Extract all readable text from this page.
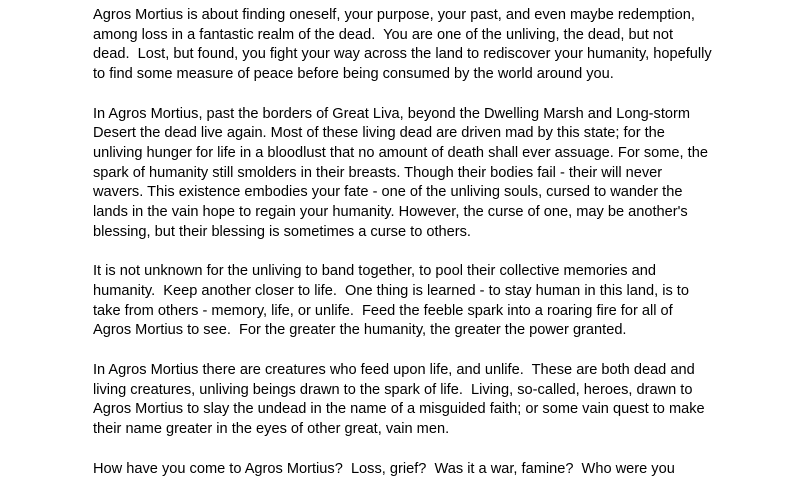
Agros Mortius is about finding oneself, your purpose, your past, and even maybe redemption, among loss in a fantastic realm of the dead.  You are one of the unliving, the dead, but not dead.  Lost, but found, you fight your way across the land to rediscover your humanity, hopefully to find some measure of peace before being consumed by the world around you.

In Agros Mortius, past the borders of Great Liva, beyond the Dwelling Marsh and Long-storm Desert the dead live again. Most of these living dead are driven mad by this state; for the unliving hunger for life in a bloodlust that no amount of death shall ever assuage. For some, the spark of humanity still smolders in their breasts. Though their bodies fail - their will never wavers. This existence embodies your fate - one of the unliving souls, cursed to wander the lands in the vain hope to regain your humanity. However, the curse of one, may be another's blessing, but their blessing is sometimes a curse to others.

It is not unknown for the unliving to band together, to pool their collective memories and humanity.  Keep another closer to life.  One thing is learned - to stay human in this land, is to take from others - memory, life, or unlife.  Feed the feeble spark into a roaring fire for all of Agros Mortius to see.  For the greater the humanity, the greater the power granted.

In Agros Mortius there are creatures who feed upon life, and unlife.  These are both dead and living creatures, unliving beings drawn to the spark of life.  Living, so-called, heroes, drawn to Agros Mortius to slay the undead in the name of a misguided faith; or some vain quest to make their name greater in the eyes of other great, vain men.

How have you come to Agros Mortius?  Loss, grief?  Was it a war, famine?  Who were you
